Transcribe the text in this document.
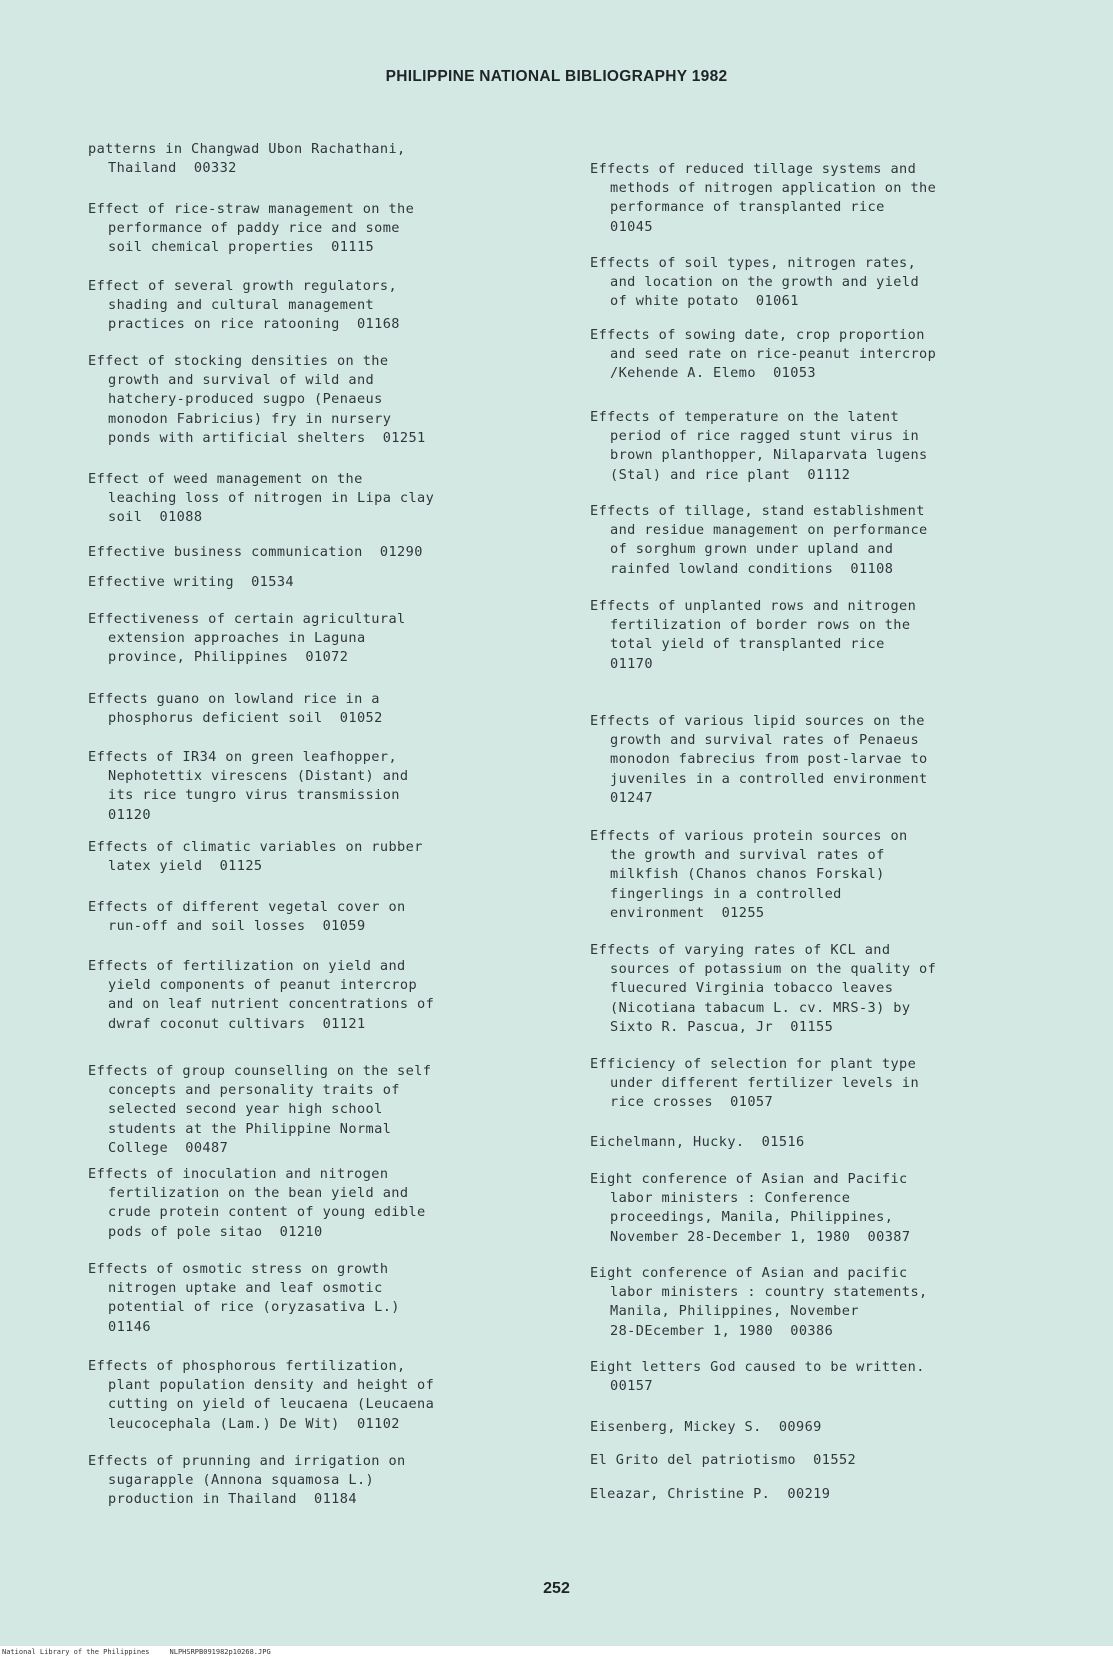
PHILIPPINE NATIONAL BIBLIOGRAPHY 1982
patterns in Changwad Ubon Rachathani,
Thailand  00332
Effect of rice-straw management on the
performance of paddy rice and some
soil chemical properties  01115
Effect of several growth regulators,
shading and cultural management
practices on rice ratooning  01168
Effect of stocking densities on the
growth and survival of wild and
hatchery-produced sugpo (Penaeus
monodon Fabricius) fry in nursery
ponds with artificial shelters  01251
Effect of weed management on the
leaching loss of nitrogen in Lipa clay
soil  01088
Effective business communication  01290
Effective writing  01534
Effectiveness of certain agricultural
extension approaches in Laguna
province, Philippines  01072
Effects guano on lowland rice in a
phosphorus deficient soil  01052
Effects of IR34 on green leafhopper,
Nephotettix virescens (Distant) and
its rice tungro virus transmission
01120
Effects of climatic variables on rubber
latex yield  01125
Effects of different vegetal cover on
run-off and soil losses  01059
Effects of fertilization on yield and
yield components of peanut intercrop
and on leaf nutrient concentrations of
dwraf coconut cultivars  01121
Effects of group counselling on the self
concepts and personality traits of
selected second year high school
students at the Philippine Normal
College  00487
Effects of inoculation and nitrogen
fertilization on the bean yield and
crude protein content of young edible
pods of pole sitao  01210
Effects of osmotic stress on growth
nitrogen uptake and leaf osmotic
potential of rice (oryzasativa L.)
01146
Effects of phosphorous fertilization,
plant population density and height of
cutting on yield of leucaena (Leucaena
leucocephala (Lam.) De Wit)  01102
Effects of prunning and irrigation on
sugarapple (Annona squamosa L.)
production in Thailand  01184
Effects of reduced tillage systems and
methods of nitrogen application on the
performance of transplanted rice
01045
Effects of soil types, nitrogen rates,
and location on the growth and yield
of white potato  01061
Effects of sowing date, crop proportion
and seed rate on rice-peanut intercrop
/Kehende A. Elemo  01053
Effects of temperature on the latent
period of rice ragged stunt virus in
brown planthopper, Nilaparvata lugens
(Stal) and rice plant  01112
Effects of tillage, stand establishment
and residue management on performance
of sorghum grown under upland and
rainfed lowland conditions  01108
Effects of unplanted rows and nitrogen
fertilization of border rows on the
total yield of transplanted rice
01170
Effects of various lipid sources on the
growth and survival rates of Penaeus
monodon fabrecius from post-larvae to
juveniles in a controlled environment
01247
Effects of various protein sources on
the growth and survival rates of
milkfish (Chanos chanos Forskal)
fingerlings in a controlled
environment  01255
Effects of varying rates of KCL and
sources of potassium on the quality of
fluecured Virginia tobacco leaves
(Nicotiana tabacum L. cv. MRS-3) by
Sixto R. Pascua, Jr  01155
Efficiency of selection for plant type
under different fertilizer levels in
rice crosses  01057
Eichelmann, Hucky.  01516
Eight conference of Asian and Pacific
labor ministers : Conference
proceedings, Manila, Philippines,
November 28-December 1, 1980  00387
Eight conference of Asian and pacific
labor ministers : country statements,
Manila, Philippines, November
28-DEcember 1, 1980  00386
Eight letters God caused to be written.
00157
Eisenberg, Mickey S.  00969
El Grito del patriotismo  01552
Eleazar, Christine P.  00219
252
National Library of the Philippines	NLPHSRPB091982p10268.JPG
